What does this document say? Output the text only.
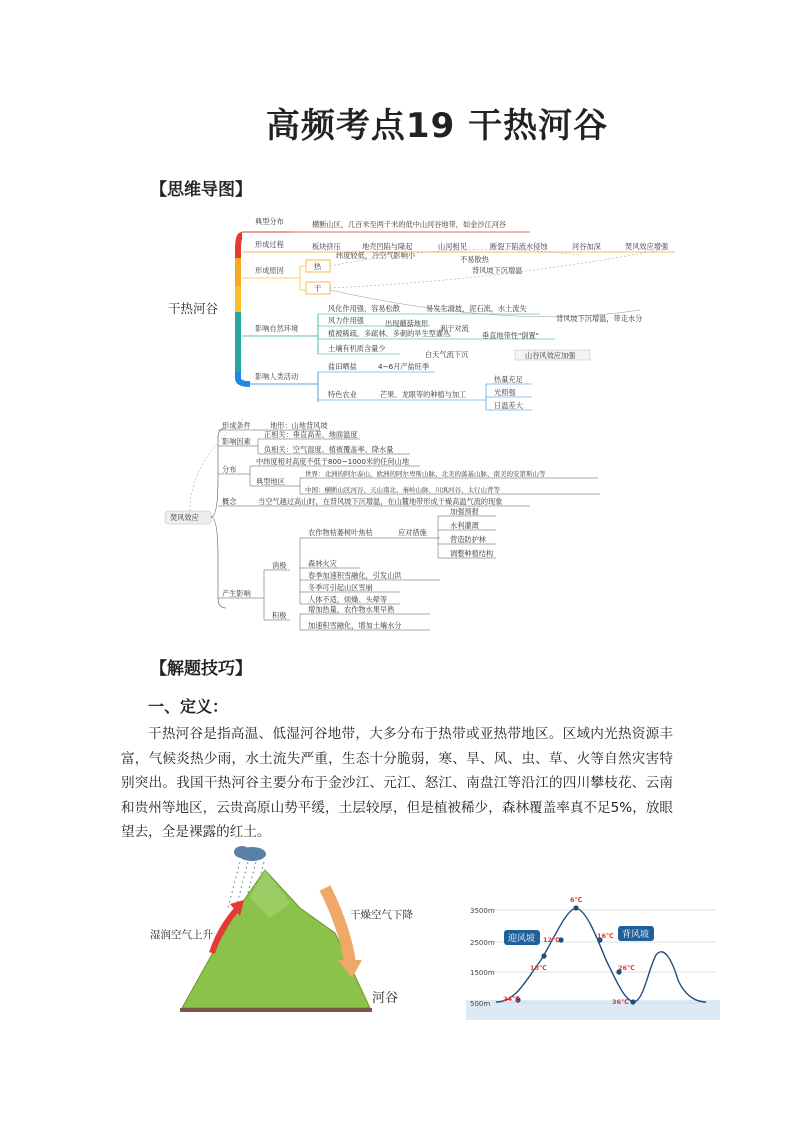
高频考点19 干热河谷
【思维导图】
干热河谷
典型分布	横断山区，几百米至两千米的低中山河谷地带，如金沙江河谷
形成过程	板块挤压	地壳凹陷与隆起	山河相见	断裂下陷流水侵蚀	河谷加深	焚风效应增强
形成原因	热
干
纬度较低，冷空气影响小	不易散热
背风坡下沉增温
影响自然环境
风化作用强，容易松散	易发生滑坡，泥石流，水土流失
风力作用强	出现蘑菇地形
植被稀疏，多疏林、多刺的旱生型灌丛	垂直地带性"倒置"
利于对流
土壤有机质含量少
白天气流下沉	山谷风效应加强
背风坡下沉增温，带走水分
影响人类活动
盐田晒盐	4~6月产盐旺季
特色农业	芒果、龙眼等的种植与加工
热量充足
光照强
日温差大
焚风效应
形成条件	地形：山地背风坡
影响因素
正相关：垂直高差、地面温度
负相关：空气湿度、植被覆盖率、降水量
分布
中纬度相对高度不低于800~1000米的任何山地
典型地区
世界：北洲的阿尔泰山、欧洲的阿尔卑斯山脉、北美的落基山脉、南美的安第斯山等
中国：横断山区河谷、天山南北、秦岭山脉、川滇河谷、太行山背等
概念	当空气越过高山时，在背风坡下沉增温，在山麓地带形成干燥高温气流的现象
产生影响
消极
积极
农作物枯萎树叶焦枯	应对措施
加强预报
水利灌溉
营造防护林
调整种植结构
森林火灾
春季加速积雪融化，引发山洪
冬季可引起山区雪崩
人体不适，烦燥、头晕等
增加热量，农作物水果早熟
加速积雪融化，增加土壤水分
【解题技巧】
一、定义：
干热河谷是指高温、低湿河谷地带，大多分布于热带或亚热带地区。区域内光热资源丰富，气候炎热少雨，水土流失严重，生态十分脆弱，寒、旱、风、虫、草、火等自然灾害特别突出。我国干热河谷主要分布于金沙江、元江、怒江、南盘江等沿江的四川攀枝花、云南和贵州等地区，云贵高原山势平缓，土层较厚，但是植被稀少，森林覆盖率真不足5%，放眼望去，全是裸露的红土。
湿润空气上升
干燥空气下降
河谷
3500m
2500m
1500m
500m
6℃
12℃	16℃
18℃	26℃
24℃	36℃
迎风坡	背风坡
